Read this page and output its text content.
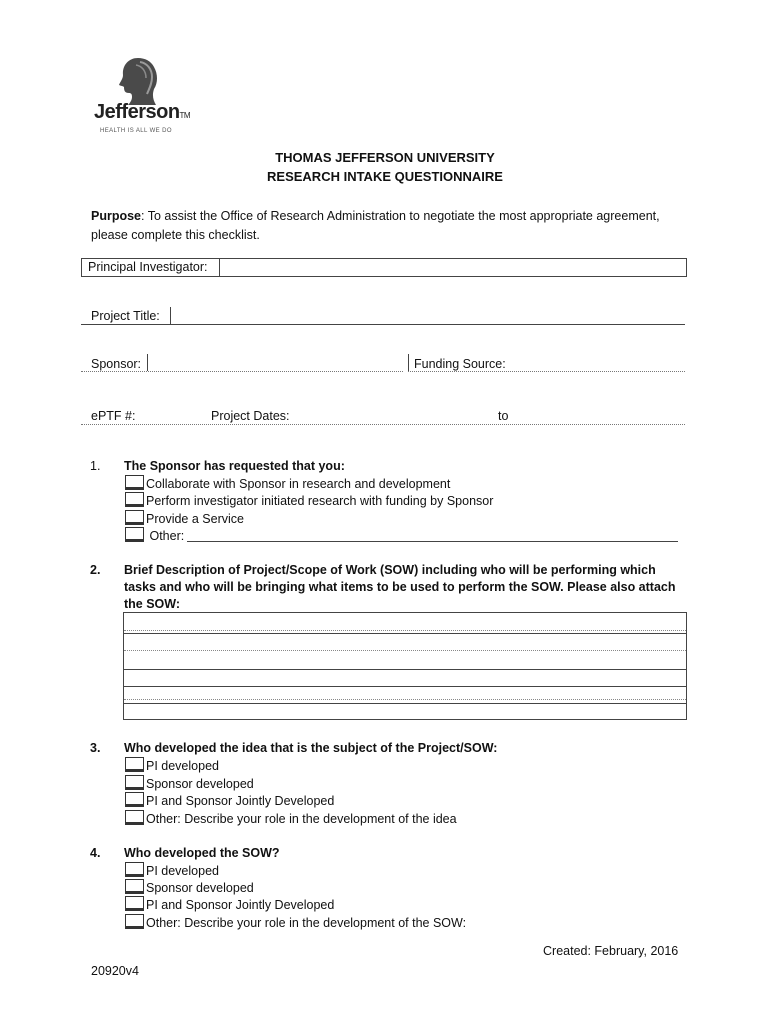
JeffersonTM
HEALTH IS ALL WE DO
THOMAS JEFFERSON UNIVERSITY
RESEARCH INTAKE QUESTIONNAIRE
Purpose: To assist the Office of Research Administration to negotiate the most appropriate agreement, please complete this checklist.
Principal Investigator:
Project Title:
Sponsor:	Funding Source:
ePTF #:	Project Dates:	to
1. The Sponsor has requested that you:
Collaborate with Sponsor in research and development
Perform investigator initiated research with funding by Sponsor
Provide a Service
Other:
2. Brief Description of Project/Scope of Work (SOW) including who will be performing which tasks and who will be bringing what items to be used to perform the SOW. Please also attach the SOW:
3. Who developed the idea that is the subject of the Project/SOW:
PI developed
Sponsor developed
PI and Sponsor Jointly Developed
Other: Describe your role in the development of the idea
4. Who developed the SOW?
PI developed
Sponsor developed
PI and Sponsor Jointly Developed
Other: Describe your role in the development of the SOW:
Created: February, 2016
20920v4
